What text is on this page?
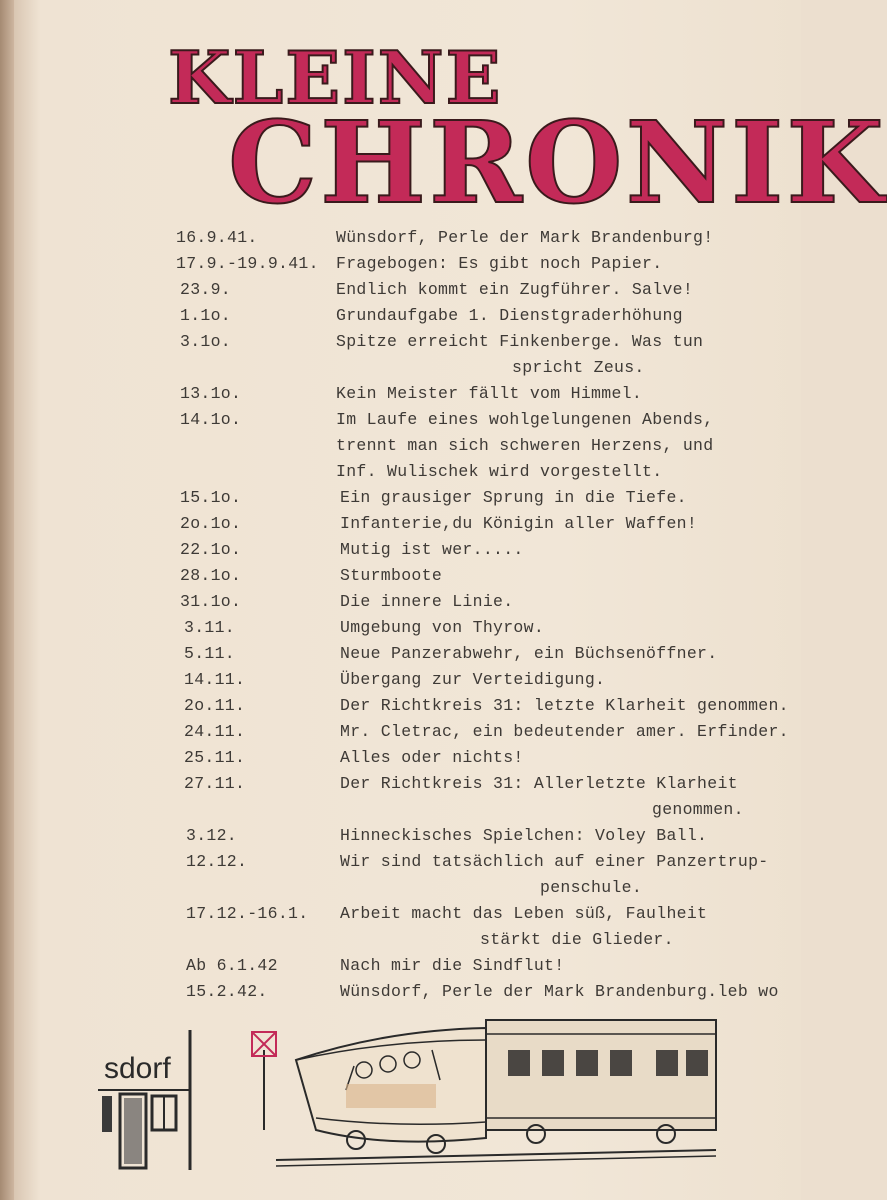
KLEINE
CHRONIK
16.9.41.	Wünsdorf, Perle der Mark Brandenburg!
17.9.-19.9.41. Fragebogen: Es gibt noch Papier.
23.9.	Endlich kommt ein Zugführer. Salve!
1.1o.	Grundaufgabe 1. Dienstgraderhöhung
3.1o.	Spitze erreicht Finkenberge. Was tun
spricht Zeus.
13.1o.	Kein Meister fällt vom Himmel.
14.1o.	Im Laufe eines wohlgelungenen Abends,
trennt man sich schweren Herzens, und
Inf. Wulischek wird vorgestellt.
15.1o.	Ein grausiger Sprung in die Tiefe.
2o.1o.	Infanterie,du Königin aller Waffen!
22.1o.	Mutig ist wer.....
28.1o.	Sturmboote
31.1o.	Die innere Linie.
3.11.	Umgebung von Thyrow.
5.11.	Neue Panzerabwehr, ein Büchsenöffner.
14.11.	Übergang zur Verteidigung.
2o.11.	Der Richtkreis 31: letzte Klarheit genommen.
24.11.	Mr. Cletrac, ein bedeutender amer. Erfinder.
25.11.	Alles oder nichts!
27.11.	Der Richtkreis 31: Allerletzte Klarheit
genommen.
3.12.	Hinneckisches Spielchen: Voley Ball.
12.12.	Wir sind tatsächlich auf einer Panzertrup-
penschule.
17.12.-16.1. Arbeit macht das Leben süß, Faulheit
stärkt die Glieder.
Ab 6.1.42	Nach mir die Sindflut!
15.2.42.	Wünsdorf, Perle der Mark Brandenburg.leb wo
sdorf
